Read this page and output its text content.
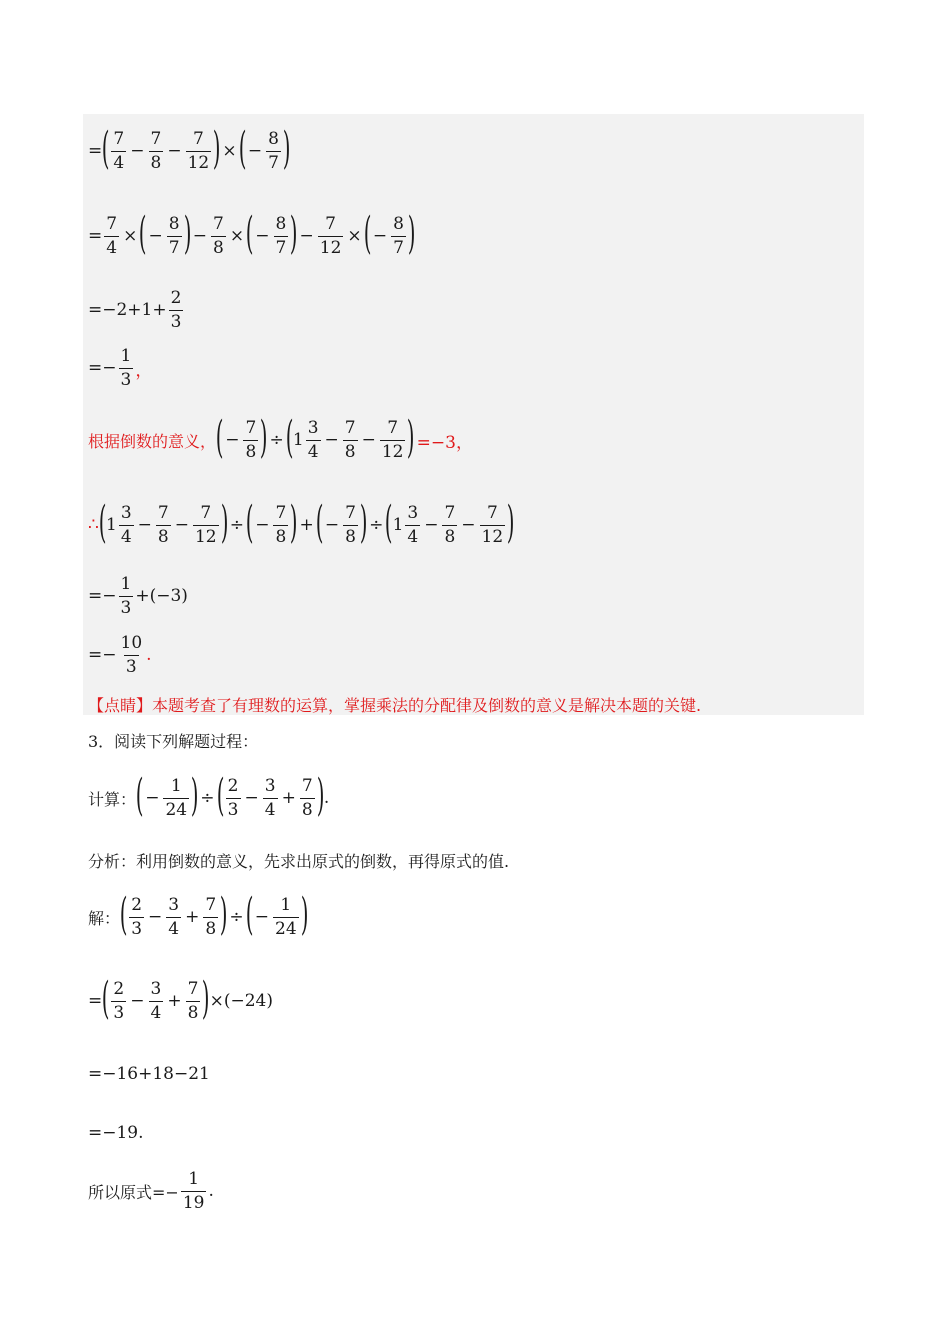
= ( $\frac{7}{4} - \frac{7}{8} - \frac{7}{12}$ ) × ( − $\frac{8}{7}$ )
= $\frac{7}{4}$ × ( − $\frac{8}{7}$ ) − $\frac{7}{8}$ × ( − $\frac{8}{7}$ ) − $\frac{7}{12}$ × ( − $\frac{8}{7}$ )
$=-2+1+ \frac{2}{3}$
=− $\frac{1}{3}$ ，
根据倒数的意义， ( − $\frac{7}{8}$ ) ÷ ( $1 \frac{3}{4} - \frac{7}{8} - \frac{7}{12}$ ) =−3，
∴ ( $1 \frac{3}{4} - \frac{7}{8} - \frac{7}{12}$ ) ÷ ( − $\frac{7}{8}$ ) + ( − $\frac{7}{8}$ ) ÷ ( $1 \frac{3}{4} - \frac{7}{8} - \frac{7}{12}$ )
=− $\frac{1}{3} +(-3)$
=− $\frac{10}{3}$ .
【点睛】本题考查了有理数的运算，掌握乘法的分配律及倒数的意义是解决本题的关键.
3．阅读下列解题过程：
计算： ( − $\frac{1}{24}$ ) ÷ ( $\frac{2}{3} - \frac{3}{4} + \frac{7}{8}$ ) .
分析：利用倒数的意义，先求出原式的倒数，再得原式的值.
解： ( $\frac{2}{3} - \frac{3}{4} + \frac{7}{8}$ ) ÷ ( − $\frac{1}{24}$ )
= ( $\frac{2}{3} - \frac{3}{4} + \frac{7}{8}$ ) ×(−24)
=−16+18−21
=−19.
所以原式=− $\frac{1}{19}$ .
